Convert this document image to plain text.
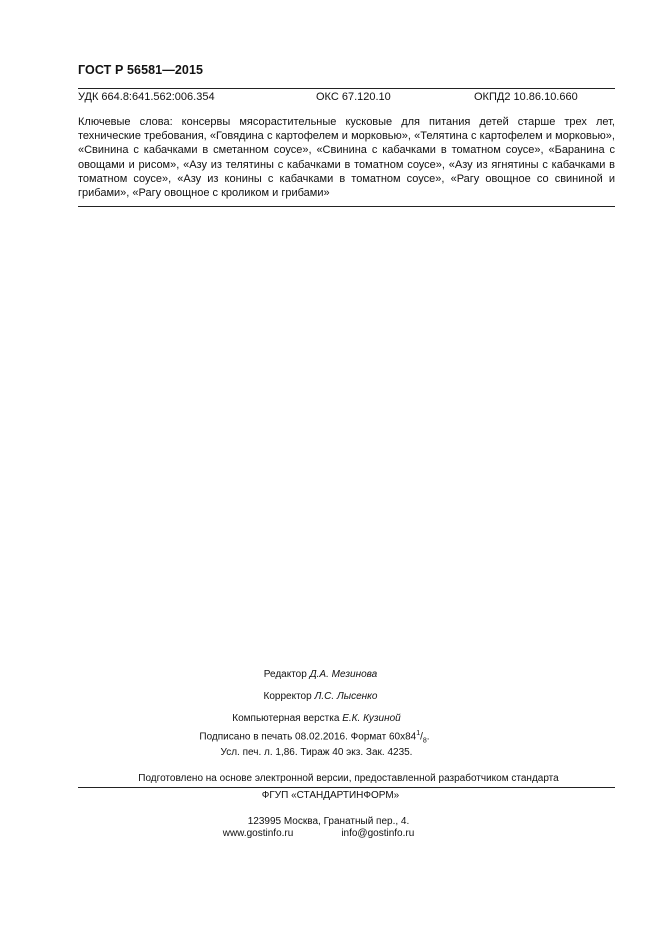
ГОСТ Р 56581—2015
УДК 664.8:641.562:006.354	ОКС 67.120.10	ОКПД2 10.86.10.660

Ключевые слова: консервы мясорастительные кусковые для питания детей старше трех лет, технические требования, «Говядина с картофелем и морковью», «Телятина с картофелем и морковью», «Свинина с кабачками в сметанном соусе», «Свинина с кабачками в томатном соусе», «Баранина с овощами и рисом», «Азу из телятины с кабачками в томатном соусе», «Азу из ягнятины с кабачками в томатном соусе», «Азу из конины с кабачками в томатном соусе», «Рагу овощное со свининой и грибами», «Рагу овощное с кроликом и грибами»

Редактор Д.А. Мезинова
Корректор Л.С. Лысенко
Компьютерная верстка Е.К. Кузиной
Подписано в печать 08.02.2016. Формат $60х84^1/_8$.
Усл. печ. л. 1,86. Тираж 40 экз. Зак. 4235.
Подготовлено на основе электронной версии, предоставленной разработчиком стандарта
ФГУП «СТАНДАРТИНФОРМ»
123995 Москва, Гранатный пер., 4.
www.gostinfo.ru	info@gostinfo.ru
